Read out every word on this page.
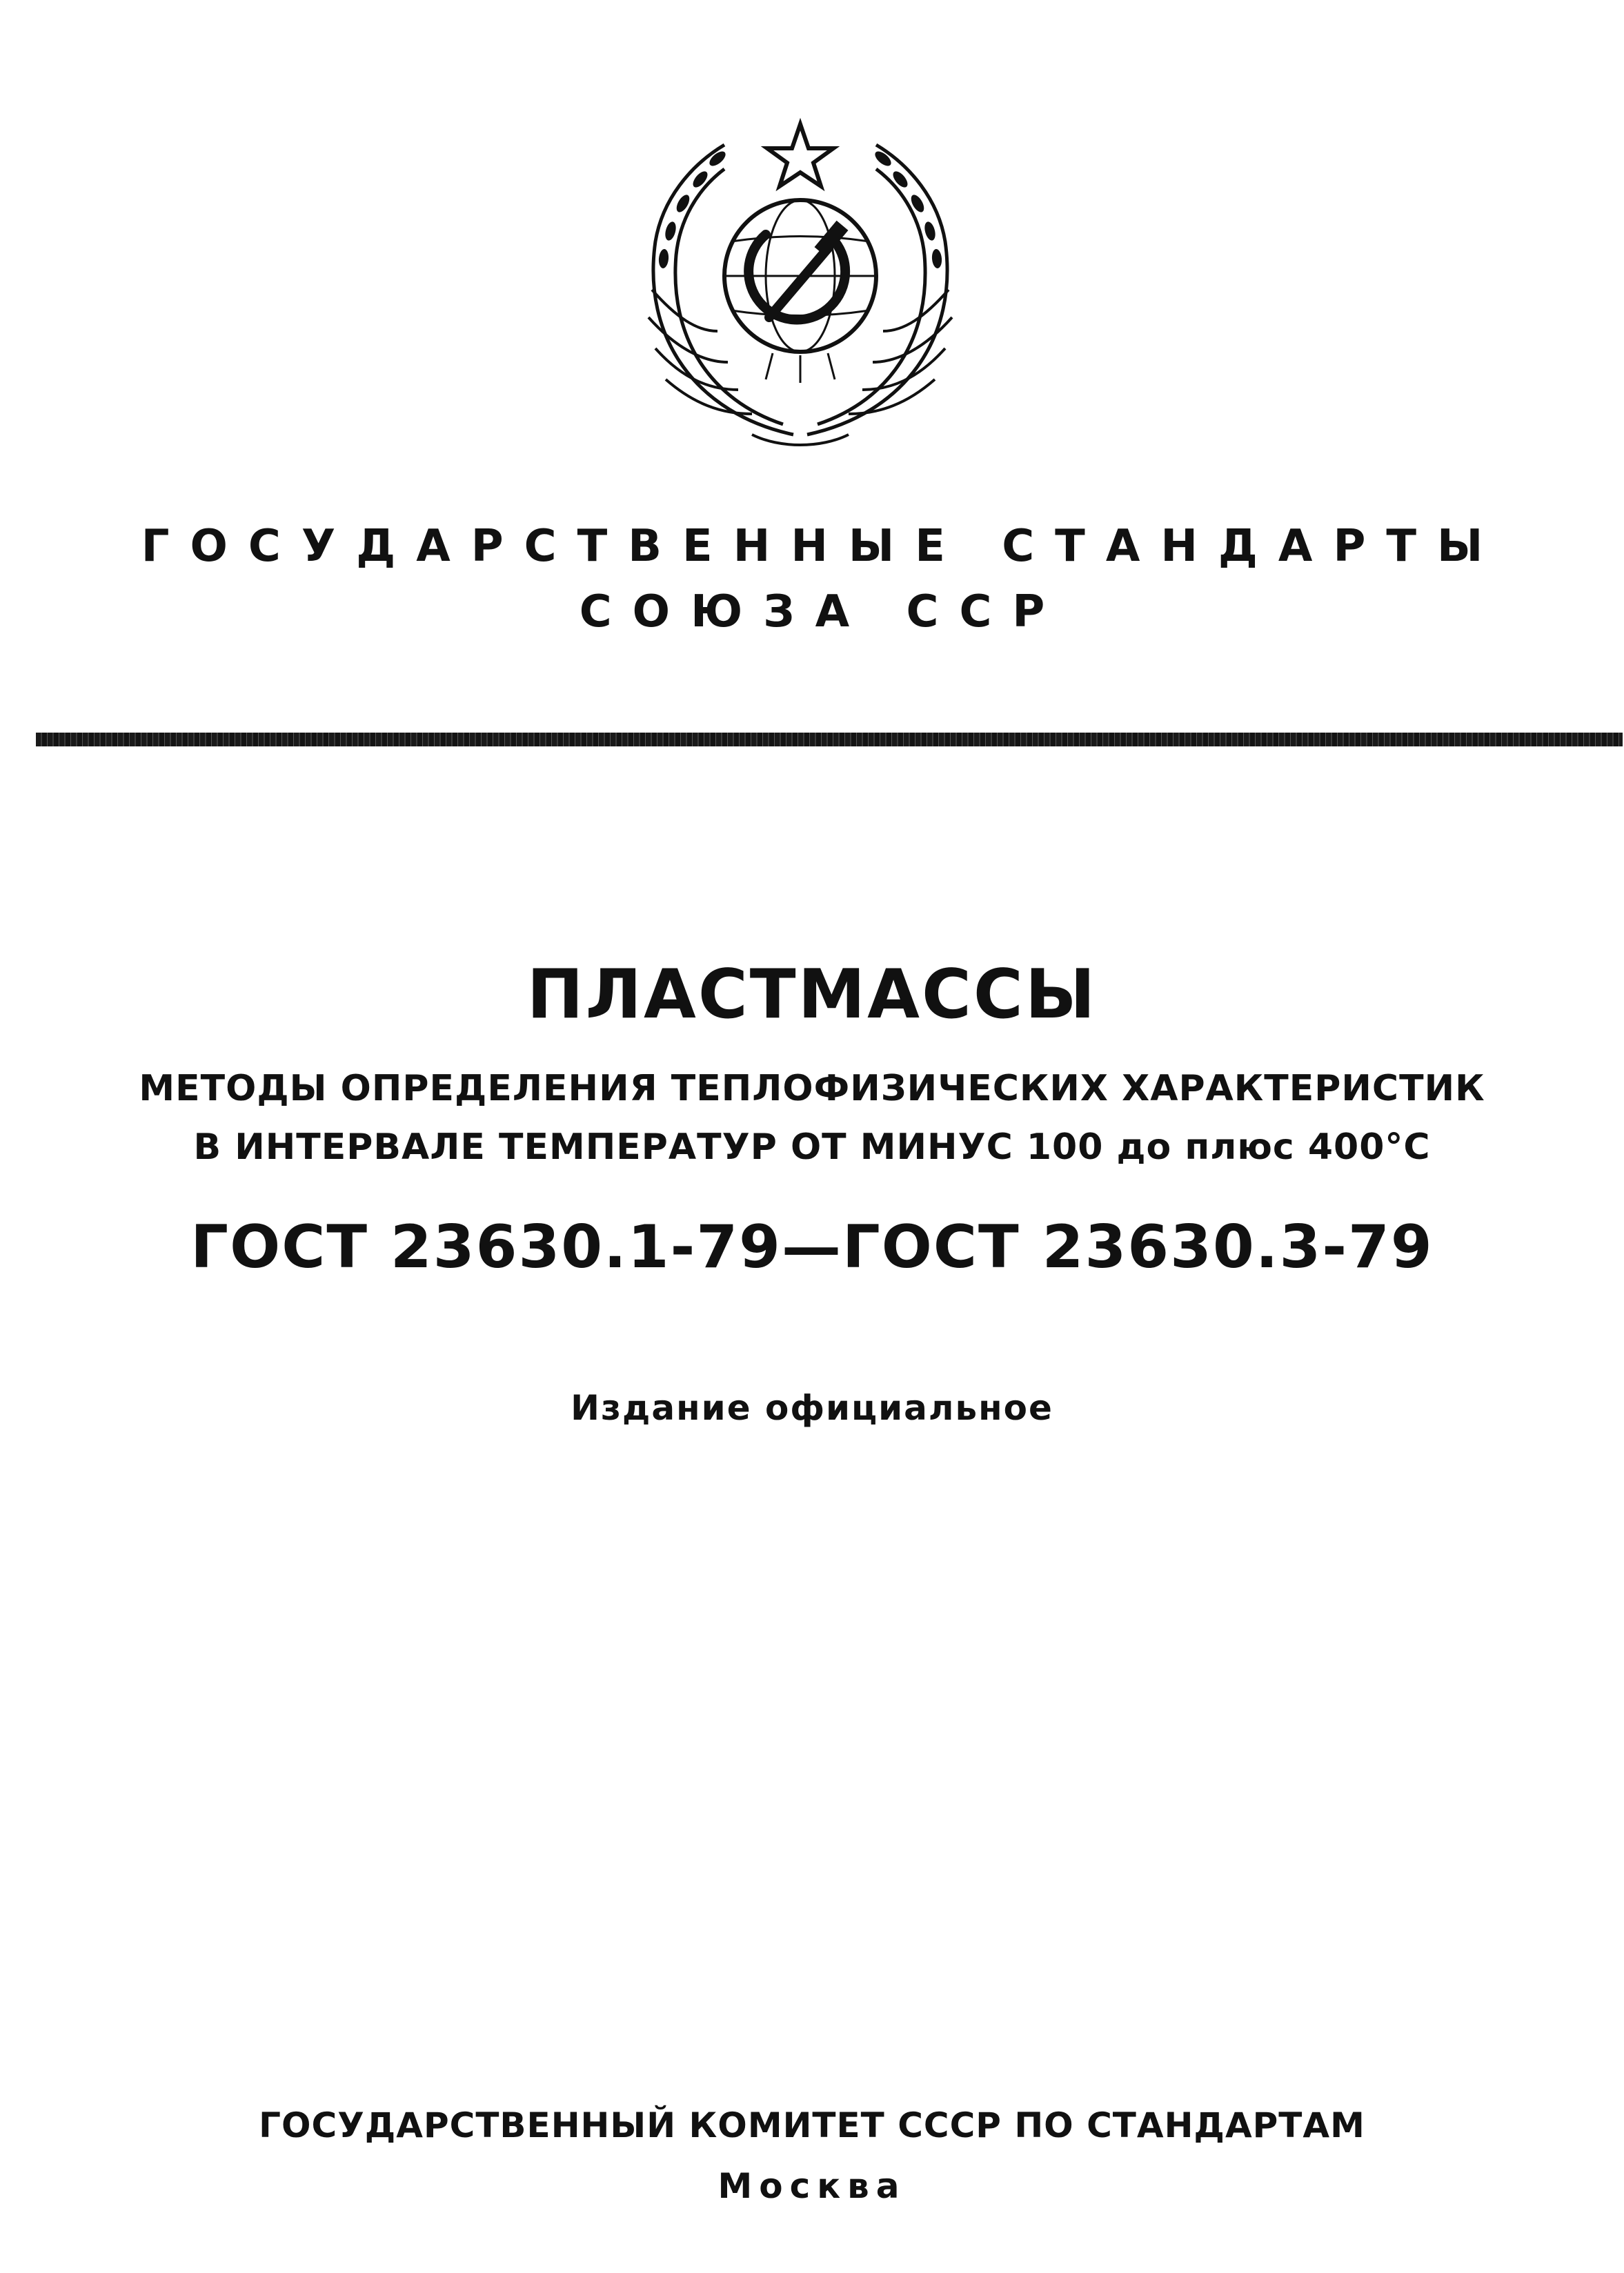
ГОСУДАРСТВЕННЫЕ СТАНДАРТЫ
СОЮЗА ССР
ПЛАСТМАССЫ
МЕТОДЫ ОПРЕДЕЛЕНИЯ ТЕПЛОФИЗИЧЕСКИХ ХАРАКТЕРИСТИК
В ИНТЕРВАЛЕ ТЕМПЕРАТУР ОТ МИНУС 100 до плюс 400°С
ГОСТ 23630.1-79—ГОСТ 23630.3-79
Издание официальное
ГОСУДАРСТВЕННЫЙ КОМИТЕТ СССР ПО СТАНДАРТАМ
Москва
